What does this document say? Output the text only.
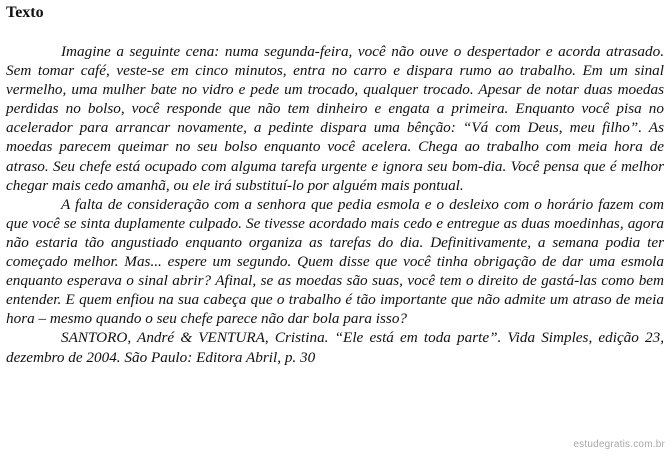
Texto

Imagine a seguinte cena: numa segunda-feira, você não ouve o despertador e acorda atrasado. Sem tomar café, veste-se em cinco minutos, entra no carro e dispara rumo ao trabalho. Em um sinal vermelho, uma mulher bate no vidro e pede um trocado, qualquer trocado. Apesar de notar duas moedas perdidas no bolso, você responde que não tem dinheiro e engata a primeira. Enquanto você pisa no acelerador para arrancar novamente, a pedinte dispara uma bênção: “Vá com Deus, meu filho”. As moedas parecem queimar no seu bolso enquanto você acelera. Chega ao trabalho com meia hora de atraso. Seu chefe está ocupado com alguma tarefa urgente e ignora seu bom-dia. Você pensa que é melhor chegar mais cedo amanhã, ou ele irá substituí-lo por alguém mais pontual.

A falta de consideração com a senhora que pedia esmola e o desleixo com o horário fazem com que você se sinta duplamente culpado. Se tivesse acordado mais cedo e entregue as duas moedinhas, agora não estaria tão angustiado enquanto organiza as tarefas do dia. Definitivamente, a semana podia ter começado melhor. Mas... espere um segundo. Quem disse que você tinha obrigação de dar uma esmola enquanto esperava o sinal abrir? Afinal, se as moedas são suas, você tem o direito de gastá-las como bem entender. E quem enfiou na sua cabeça que o trabalho é tão importante que não admite um atraso de meia hora – mesmo quando o seu chefe parece não dar bola para isso?

SANTORO, André & VENTURA, Cristina. “Ele está em toda parte”. Vida Simples, edição 23, dezembro de 2004. São Paulo: Editora Abril, p. 30

estudegratis.com.br
